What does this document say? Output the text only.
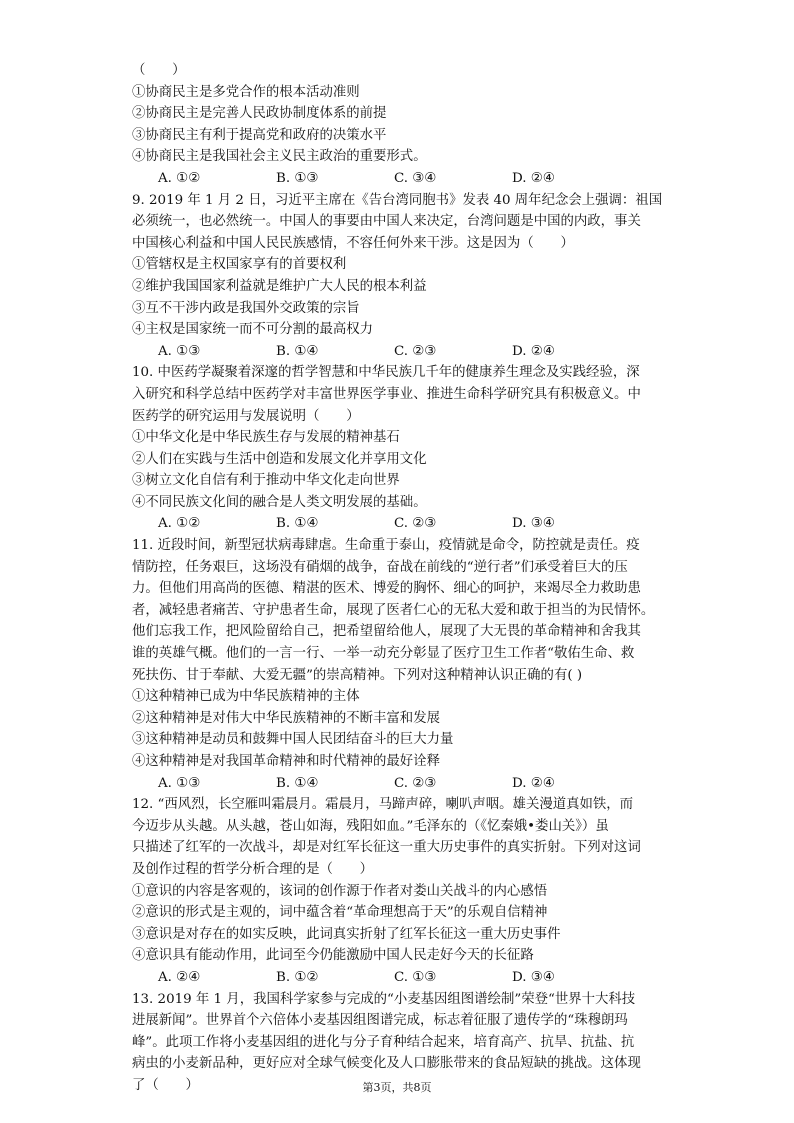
（　　）
①协商民主是多党合作的根本活动准则
②协商民主是完善人民政协制度体系的前提
③协商民主有利于提高党和政府的决策水平
④协商民主是我国社会主义民主政治的重要形式。
A. ①②	B. ①③	C. ③④	D. ②④
9. 2019 年 1 月 2 日，习近平主席在《告台湾同胞书》发表 40 周年纪念会上强调：祖国
必须统一，也必然统一。中国人的事要由中国人来决定，台湾问题是中国的内政，事关
中国核心利益和中国人民民族感情，不容任何外来干涉。这是因为（　　）
①管辖权是主权国家享有的首要权利
②维护我国国家利益就是维护广大人民的根本利益
③互不干涉内政是我国外交政策的宗旨
④主权是国家统一而不可分割的最高权力
A. ①③	B. ①④	C. ②③	D. ②④
10. 中医药学凝聚着深邃的哲学智慧和中华民族几千年的健康养生理念及实践经验，深
入研究和科学总结中医药学对丰富世界医学事业、推进生命科学研究具有积极意义。中
医药学的研究运用与发展说明（　　）
①中华文化是中华民族生存与发展的精神基石
②人们在实践与生活中创造和发展文化并享用文化
③树立文化自信有利于推动中华文化走向世界
④不同民族文化间的融合是人类文明发展的基础。
A. ①②	B. ①④	C. ②③	D. ③④
11. 近段时间，新型冠状病毒肆虐。生命重于泰山，疫情就是命令，防控就是责任。疫
情防控，任务艰巨，这场没有硝烟的战争，奋战在前线的“逆行者”们承受着巨大的压
力。但他们用高尚的医德、精湛的医术、博爱的胸怀、细心的呵护，来竭尽全力救助患
者，减轻患者痛苦、守护患者生命，展现了医者仁心的无私大爱和敢于担当的为民情怀。
他们忘我工作，把风险留给自己，把希望留给他人，展现了大无畏的革命精神和舍我其
谁的英雄气概。他们的一言一行、一举一动充分彰显了医疗卫生工作者“敬佑生命、救
死扶伤、甘于奉献、大爱无疆”的崇高精神。下列对这种精神认识正确的有( )
①这种精神已成为中华民族精神的主体
②这种精神是对伟大中华民族精神的不断丰富和发展
③这种精神是动员和鼓舞中国人民团结奋斗的巨大力量
④这种精神是对我国革命精神和时代精神的最好诠释
A. ①③	B. ①④	C. ②③	D. ②④
12. “西风烈，长空雁叫霜晨月。霜晨月，马蹄声碎，喇叭声咽。雄关漫道真如铁，而
今迈步从头越。从头越，苍山如海，残阳如血。”毛泽东的（《忆秦娥•娄山关》）虽
只描述了红军的一次战斗，却是对红军长征这一重大历史事件的真实折射。下列对这词
及创作过程的哲学分析合理的是（　　）
①意识的内容是客观的，该词的创作源于作者对娄山关战斗的内心感悟
②意识的形式是主观的，词中蕴含着“革命理想高于天”的乐观自信精神
③意识是对存在的如实反映，此词真实折射了红军长征这一重大历史事件
④意识具有能动作用，此词至今仍能激励中国人民走好今天的长征路
A. ②④	B. ①②	C. ①③	D. ③④
13. 2019 年 1 月，我国科学家参与完成的“小麦基因组图谱绘制”荣登“世界十大科技
进展新闻”。世界首个六倍体小麦基因组图谱完成，标志着征服了遗传学的“珠穆朗玛
峰”。此项工作将小麦基因组的进化与分子育种结合起来，培育高产、抗旱、抗盐、抗
病虫的小麦新品种，更好应对全球气候变化及人口膨胀带来的食品短缺的挑战。这体现
了（　　）	第3页，共8页
